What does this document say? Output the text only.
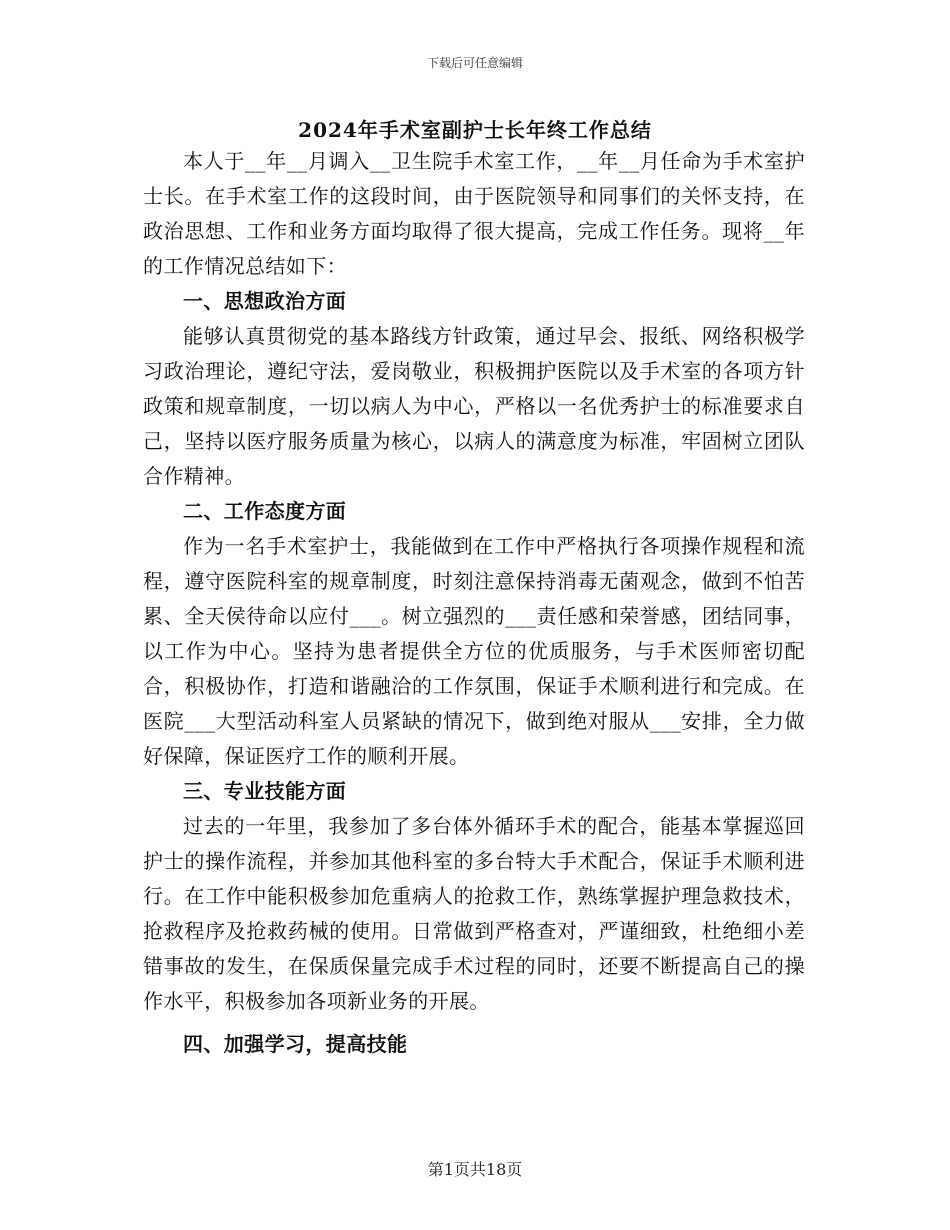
下载后可任意编辑
2024年手术室副护士长年终工作总结

本人于__年__月调入__卫生院手术室工作，__年__月任命为手术室护士长。在手术室工作的这段时间，由于医院领导和同事们的关怀支持，在政治思想、工作和业务方面均取得了很大提高，完成工作任务。现将__年的工作情况总结如下：

一、思想政治方面

能够认真贯彻党的基本路线方针政策，通过早会、报纸、网络积极学习政治理论，遵纪守法，爱岗敬业，积极拥护医院以及手术室的各项方针政策和规章制度，一切以病人为中心，严格以一名优秀护士的标准要求自己，坚持以医疗服务质量为核心，以病人的满意度为标准，牢固树立团队合作精神。

二、工作态度方面

作为一名手术室护士，我能做到在工作中严格执行各项操作规程和流程，遵守医院科室的规章制度，时刻注意保持消毒无菌观念，做到不怕苦累、全天侯待命以应付___。树立强烈的___责任感和荣誉感，团结同事，以工作为中心。坚持为患者提供全方位的优质服务，与手术医师密切配合，积极协作，打造和谐融洽的工作氛围，保证手术顺利进行和完成。在医院___大型活动科室人员紧缺的情况下，做到绝对服从___安排，全力做好保障，保证医疗工作的顺利开展。

三、专业技能方面

过去的一年里，我参加了多台体外循环手术的配合，能基本掌握巡回护士的操作流程，并参加其他科室的多台特大手术配合，保证手术顺利进行。在工作中能积极参加危重病人的抢救工作，熟练掌握护理急救技术，抢救程序及抢救药械的使用。日常做到严格查对，严谨细致，杜绝细小差错事故的发生，在保质保量完成手术过程的同时，还要不断提高自己的操作水平，积极参加各项新业务的开展。

四、加强学习，提高技能

第1页共18页
